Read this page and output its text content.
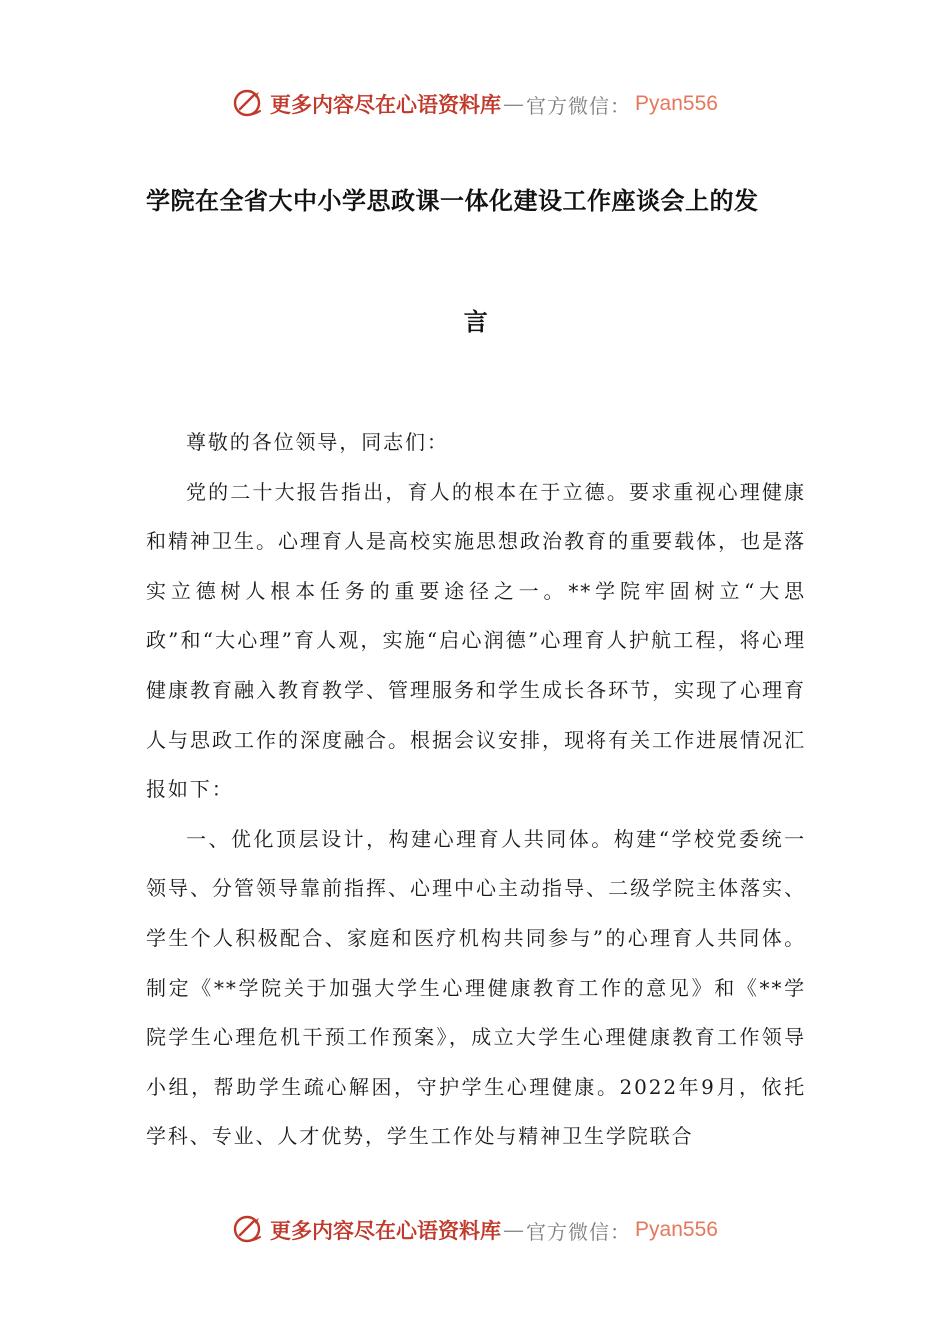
更多内容尽在心语资料库 — 官方微信： Pyan556
学院在全省大中小学思政课一体化建设工作座谈会上的发
言

尊敬的各位领导，同志们：

党的二十大报告指出，育人的根本在于立德。要求重视心理健康和精神卫生。心理育人是高校实施思想政治教育的重要载体，也是落实立德树人根本任务的重要途径之一。**学院牢固树立“大思政”和“大心理”育人观，实施“启心润德”心理育人护航工程，将心理健康教育融入教育教学、管理服务和学生成长各环节，实现了心理育人与思政工作的深度融合。根据会议安排，现将有关工作进展情况汇报如下：

一、优化顶层设计，构建心理育人共同体。构建“学校党委统一领导、分管领导靠前指挥、心理中心主动指导、二级学院主体落实、学生个人积极配合、家庭和医疗机构共同参与”的心理育人共同体。制定《**学院关于加强大学生心理健康教育工作的意见》和《**学院学生心理危机干预工作预案》，成立大学生心理健康教育工作领导小组，帮助学生疏心解困，守护学生心理健康。2022年9月，依托学科、专业、人才优势，学生工作处与精神卫生学院联合

更多内容尽在心语资料库 — 官方微信： Pyan556
